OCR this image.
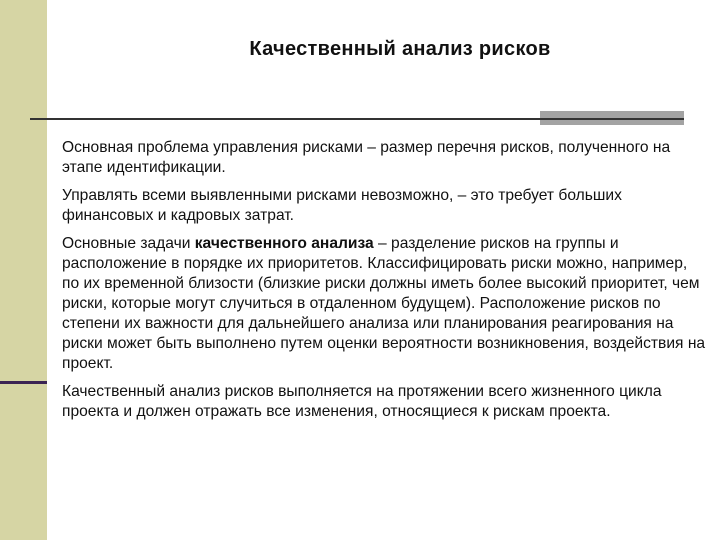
Качественный анализ рисков

Основная проблема управления рисками – размер перечня рисков, полученного на этапе идентификации.

Управлять всеми выявленными рисками невозможно, – это требует больших финансовых и кадровых затрат.

Основные задачи качественного анализа – разделение рисков на группы и расположение в порядке их приоритетов. Классифицировать риски можно, например, по их временной близости (близкие риски должны иметь более высокий приоритет, чем риски, которые могут случиться в отдаленном будущем). Расположение рисков по степени их важности для дальнейшего анализа или планирования реагирования на риски может быть выполнено путем оценки вероятности возникновения, воздействия на проект.

Качественный анализ рисков выполняется на протяжении всего жизненного цикла проекта и должен отражать все изменения, относящиеся к рискам проекта.
